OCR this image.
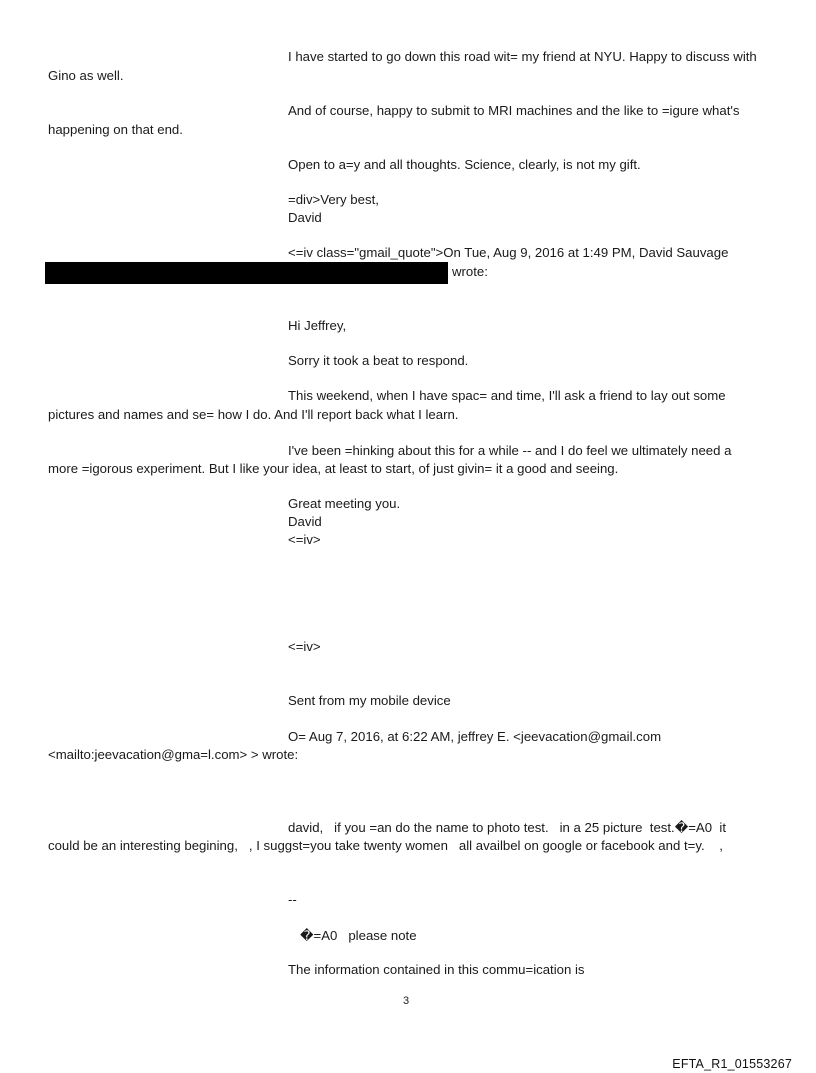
I have started to go down this road wit= my friend at NYU. Happy to discuss with
Gino as well.
And of course, happy to submit to MRI machines and the like to =igure what's
happening on that end.
Open to a=y and all thoughts. Science, clearly, is not my gift.
=div>Very best,
David
<=iv class="gmail_quote">On Tue, Aug 9, 2016 at 1:49 PM, David Sauvage
wrote:
Hi Jeffrey,
Sorry it took a beat to respond.
This weekend, when I have spac= and time, I'll ask a friend to lay out some
pictures and names and se= how I do. And I'll report back what I learn.
I've been =hinking about this for a while -- and I do feel we ultimately need a
more =igorous experiment. But I like your idea, at least to start, of just givin= it a good and seeing.
Great meeting you.
David
<=iv>
<=iv>
Sent from my mobile device
O= Aug 7, 2016, at 6:22 AM, jeffrey E. <jeevacation@gmail.com
<mailto:jeevacation@gma=l.com> > wrote:
david,   if you =an do the name to photo test.   in a 25 picture  test.�=A0  it
could be an interesting begining,   , I suggst=you take twenty women   all availbel on google or facebook and t=y.    ,
--
�=A0   please note
The information contained in this commu=ication is
3
EFTA_R1_01553267
